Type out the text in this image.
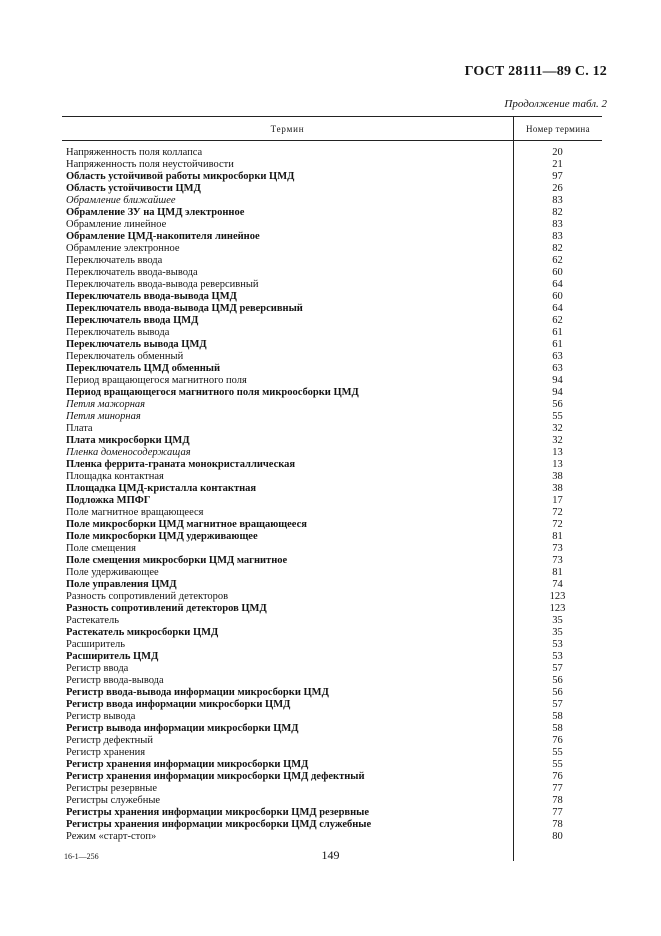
ГОСТ 28111—89 С. 12
Продолжение табл. 2
Термин	Номер термина
Напряженность поля коллапса	20
Напряженность поля неустойчивости	21
Область устойчивой работы микросборки ЦМД	97
Область устойчивости ЦМД	26
Обрамление ближайшее	83
Обрамление ЗУ на ЦМД электронное	82
Обрамление линейное	83
Обрамление ЦМД-накопителя линейное	83
Обрамление электронное	82
Переключатель ввода	62
Переключатель ввода-вывода	60
Переключатель ввода-вывода реверсивный	64
Переключатель ввода-вывода ЦМД	60
Переключатель ввода-вывода ЦМД реверсивный	64
Переключатель ввода ЦМД	62
Переключатель вывода	61
Переключатель вывода ЦМД	61
Переключатель обменный	63
Переключатель ЦМД обменный	63
Период вращающегося магнитного поля	94
Период вращающегося магнитного поля микроосборки ЦМД	94
Петля мажорная	56
Петля минорная	55
Плата	32
Плата микросборки ЦМД	32
Пленка доменосодержащая	13
Пленка феррита-граната монокристаллическая	13
Площадка контактная	38
Площадка ЦМД-кристалла контактная	38
Подложка МПФГ	17
Поле магнитное вращающееся	72
Поле микросборки ЦМД магнитное вращающееся	72
Поле микросборки ЦМД удерживающее	81
Поле смещения	73
Поле смещения микросборки ЦМД магнитное	73
Поле удерживающее	81
Поле управления ЦМД	74
Разность сопротивлений детекторов	123
Разность сопротивлений детекторов ЦМД	123
Растекатель	35
Растекатель микросборки ЦМД	35
Расширитель	53
Расширитель ЦМД	53
Регистр ввода	57
Регистр ввода-вывода	56
Регистр ввода-вывода информации микросборки ЦМД	56
Регистр ввода информации микросборки ЦМД	57
Регистр вывода	58
Регистр вывода информации микросборки ЦМД	58
Регистр дефектный	76
Регистр хранения	55
Регистр хранения информации микросборки ЦМД	55
Регистр хранения информации микросборки ЦМД дефектный	76
Регистры резервные	77
Регистры служебные	78
Регистры хранения информации микросборки ЦМД резервные	77
Регистры хранения информации микросборки ЦМД служебные	78
Режим «старт-стоп»	80
16-1—256	149
